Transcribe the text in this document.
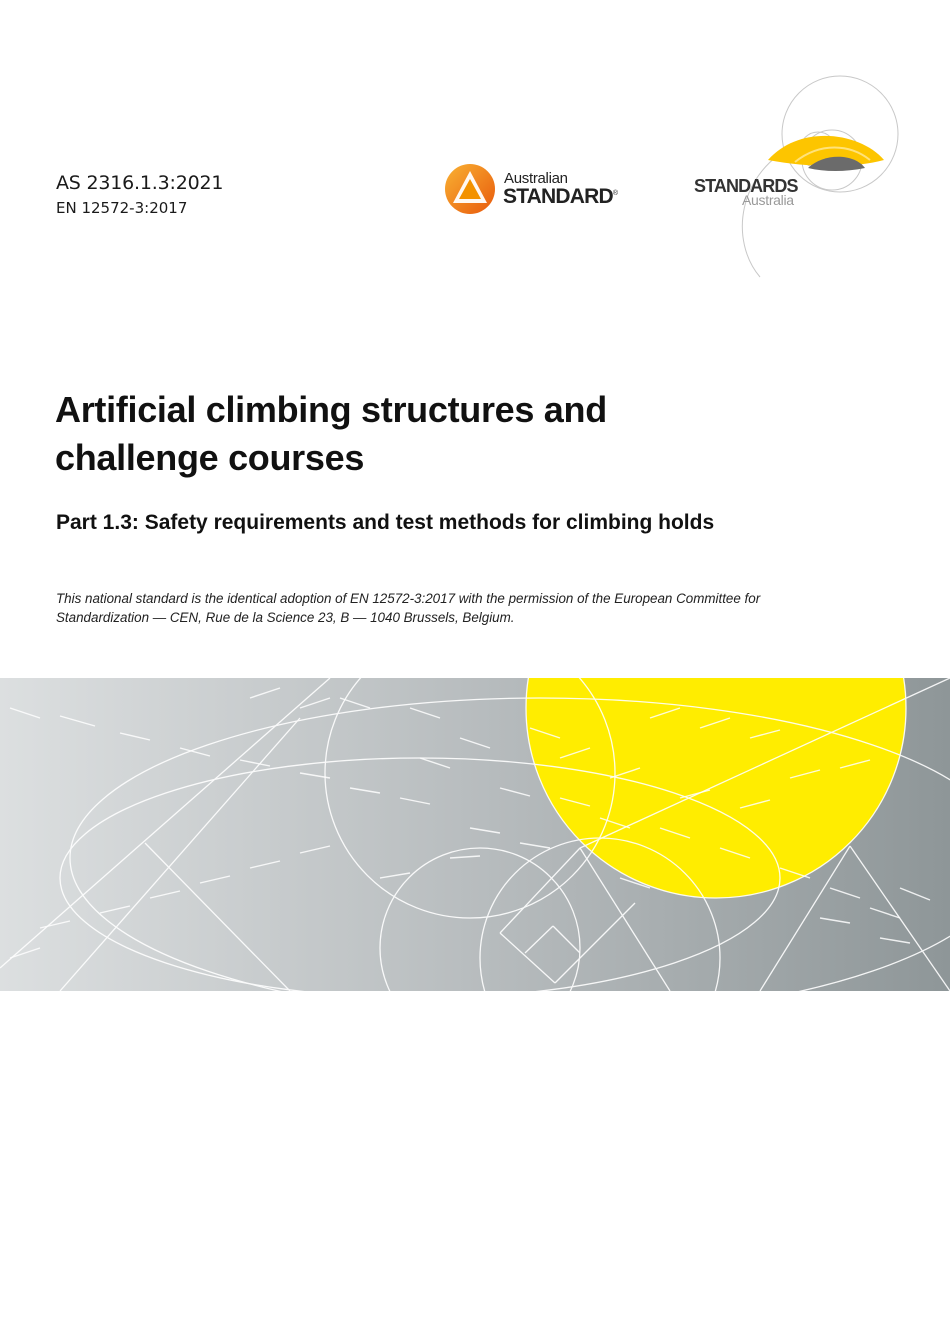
AS 2316.1.3:2021
EN 12572-3:2017
Australian
STANDARD®	STANDARDS
Australia
Artificial climbing structures and
challenge courses
Part 1.3: Safety requirements and test methods for climbing holds

This national standard is the identical adoption of EN 12572-3:2017 with the permission of the European Committee for
Standardization — CEN, Rue de la Science 23, B — 1040 Brussels, Belgium.
